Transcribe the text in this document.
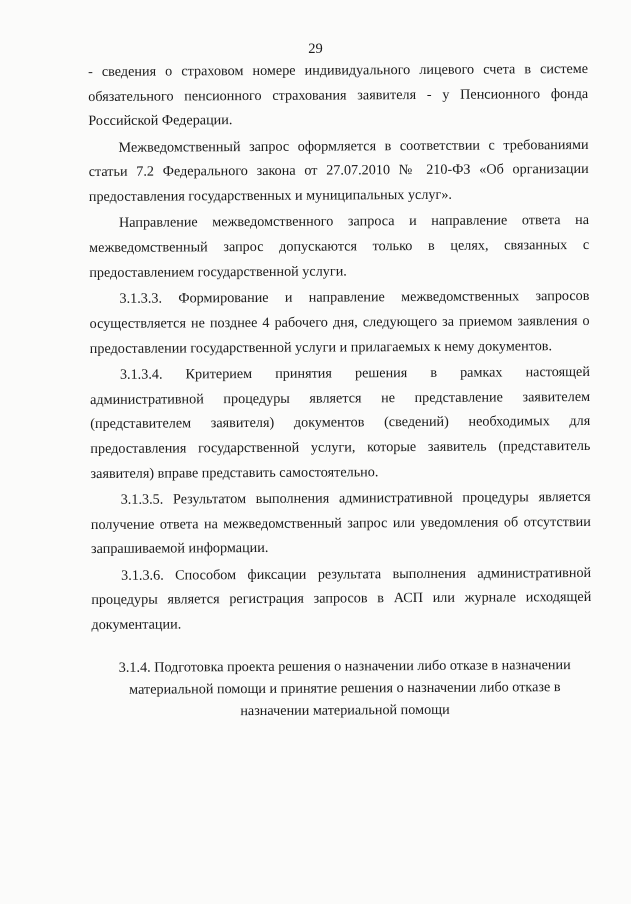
29

- сведения о страховом номере индивидуального лицевого счета в системе обязательного пенсионного страхования заявителя - у Пенсионного фонда Российской Федерации.

Межведомственный запрос оформляется в соответствии с требованиями статьи 7.2 Федерального закона от 27.07.2010 № 210-ФЗ «Об организации предоставления государственных и муниципальных услуг».

Направление межведомственного запроса и направление ответа на межведомственный запрос допускаются только в целях, связанных с предоставлением государственной услуги.

3.1.3.3. Формирование и направление межведомственных запросов осуществляется не позднее 4 рабочего дня, следующего за приемом заявления о предоставлении государственной услуги и прилагаемых к нему документов.

3.1.3.4. Критерием принятия решения в рамках настоящей административной процедуры является не представление заявителем (представителем заявителя) документов (сведений) необходимых для предоставления государственной услуги, которые заявитель (представитель заявителя) вправе представить самостоятельно.

3.1.3.5. Результатом выполнения административной процедуры является получение ответа на межведомственный запрос или уведомления об отсутствии запрашиваемой информации.

3.1.3.6. Способом фиксации результата выполнения административной процедуры является регистрация запросов в АСП или журнале исходящей документации.

3.1.4. Подготовка проекта решения о назначении либо отказе в назначении материальной помощи и принятие решения о назначении либо отказе в назначении материальной помощи
